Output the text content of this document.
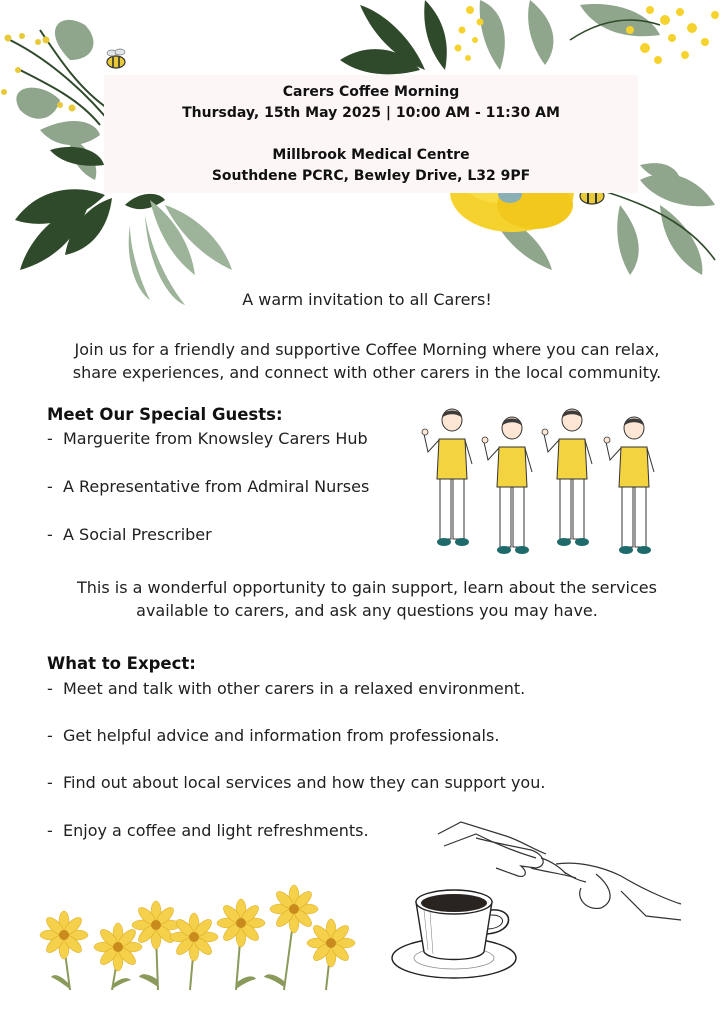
Carers Coffee Morning
Thursday, 15th May 2025 | 10:00 AM - 11:30 AM
Millbrook Medical Centre
Southdene PCRC, Bewley Drive, L32 9PF
A warm invitation to all Carers!
Join us for a friendly and supportive Coffee Morning where you can relax,
share experiences, and connect with other carers in the local community.
Meet Our Special Guests:
- Marguerite from Knowsley Carers Hub
- A Representative from Admiral Nurses
- A Social Prescriber
This is a wonderful opportunity to gain support, learn about the services
available to carers, and ask any questions you may have.
What to Expect:
- Meet and talk with other carers in a relaxed environment.
- Get helpful advice and information from professionals.
- Find out about local services and how they can support you.
- Enjoy a coffee and light refreshments.
